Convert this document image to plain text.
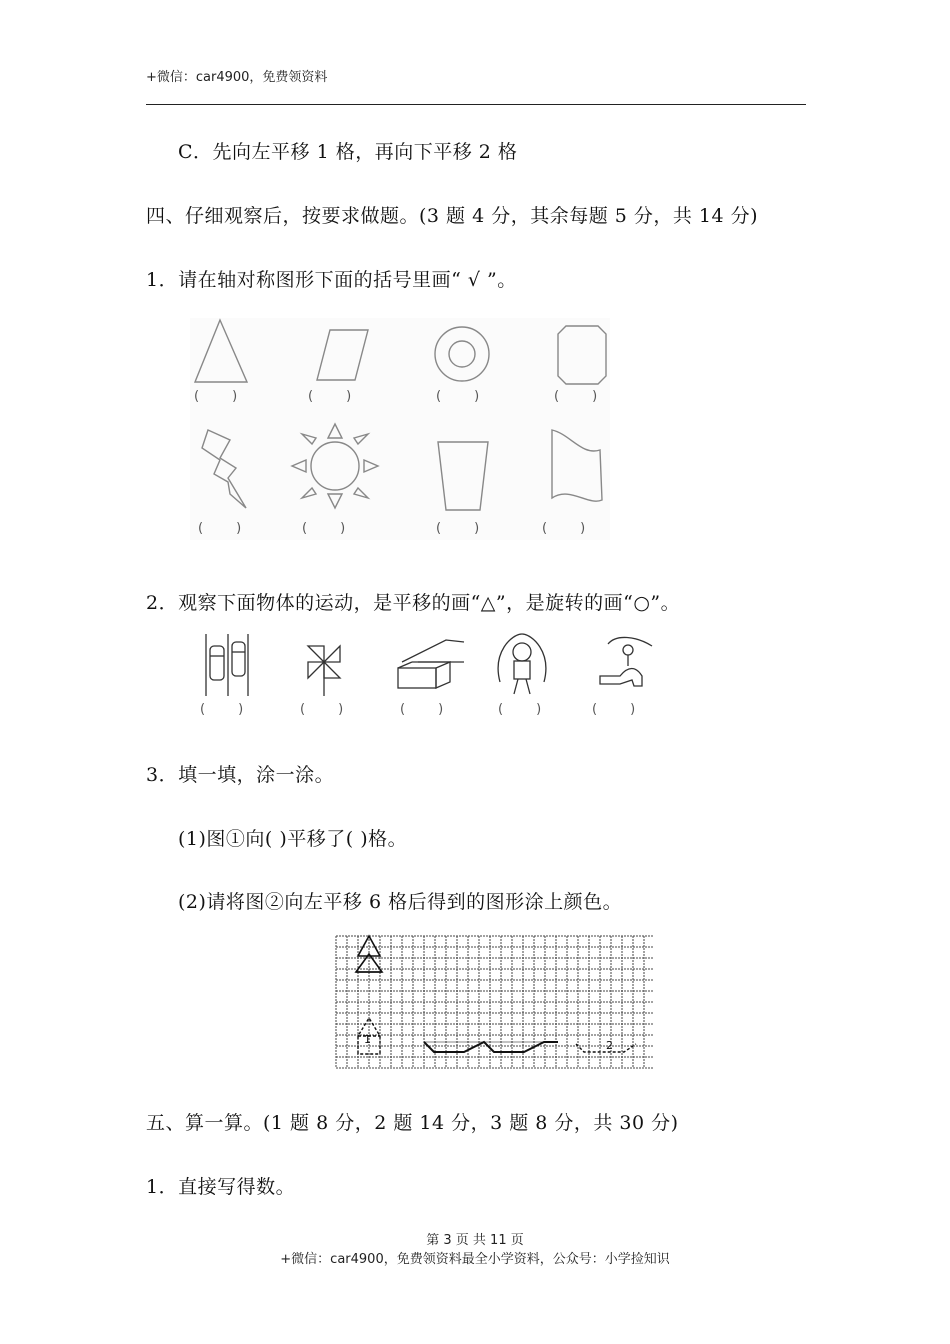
+微信：car4900，免费领资料
C．先向左平移 1 格，再向下平移 2 格
四、仔细观察后，按要求做题。(3 题 4 分，其余每题 5 分，共 14 分)
1．请在轴对称图形下面的括号里画“ √ ”。
(        )	(        )	(        )	(        )
(        )	(        )	(        )	(        )
2．观察下面物体的运动，是平移的画“△”，是旋转的画“○”。
(        )	(        )	(        )	(        )	(        )
3．填一填，涂一涂。
(1)图①向( )平移了( )格。
(2)请将图②向左平移 6 格后得到的图形涂上颜色。
1	2
五、算一算。(1 题 8 分，2 题 14 分，3 题 8 分，共 30 分)
1．直接写得数。
第 3 页 共 11 页
+微信：car4900，免费领资料最全小学资料，公众号：小学捡知识
